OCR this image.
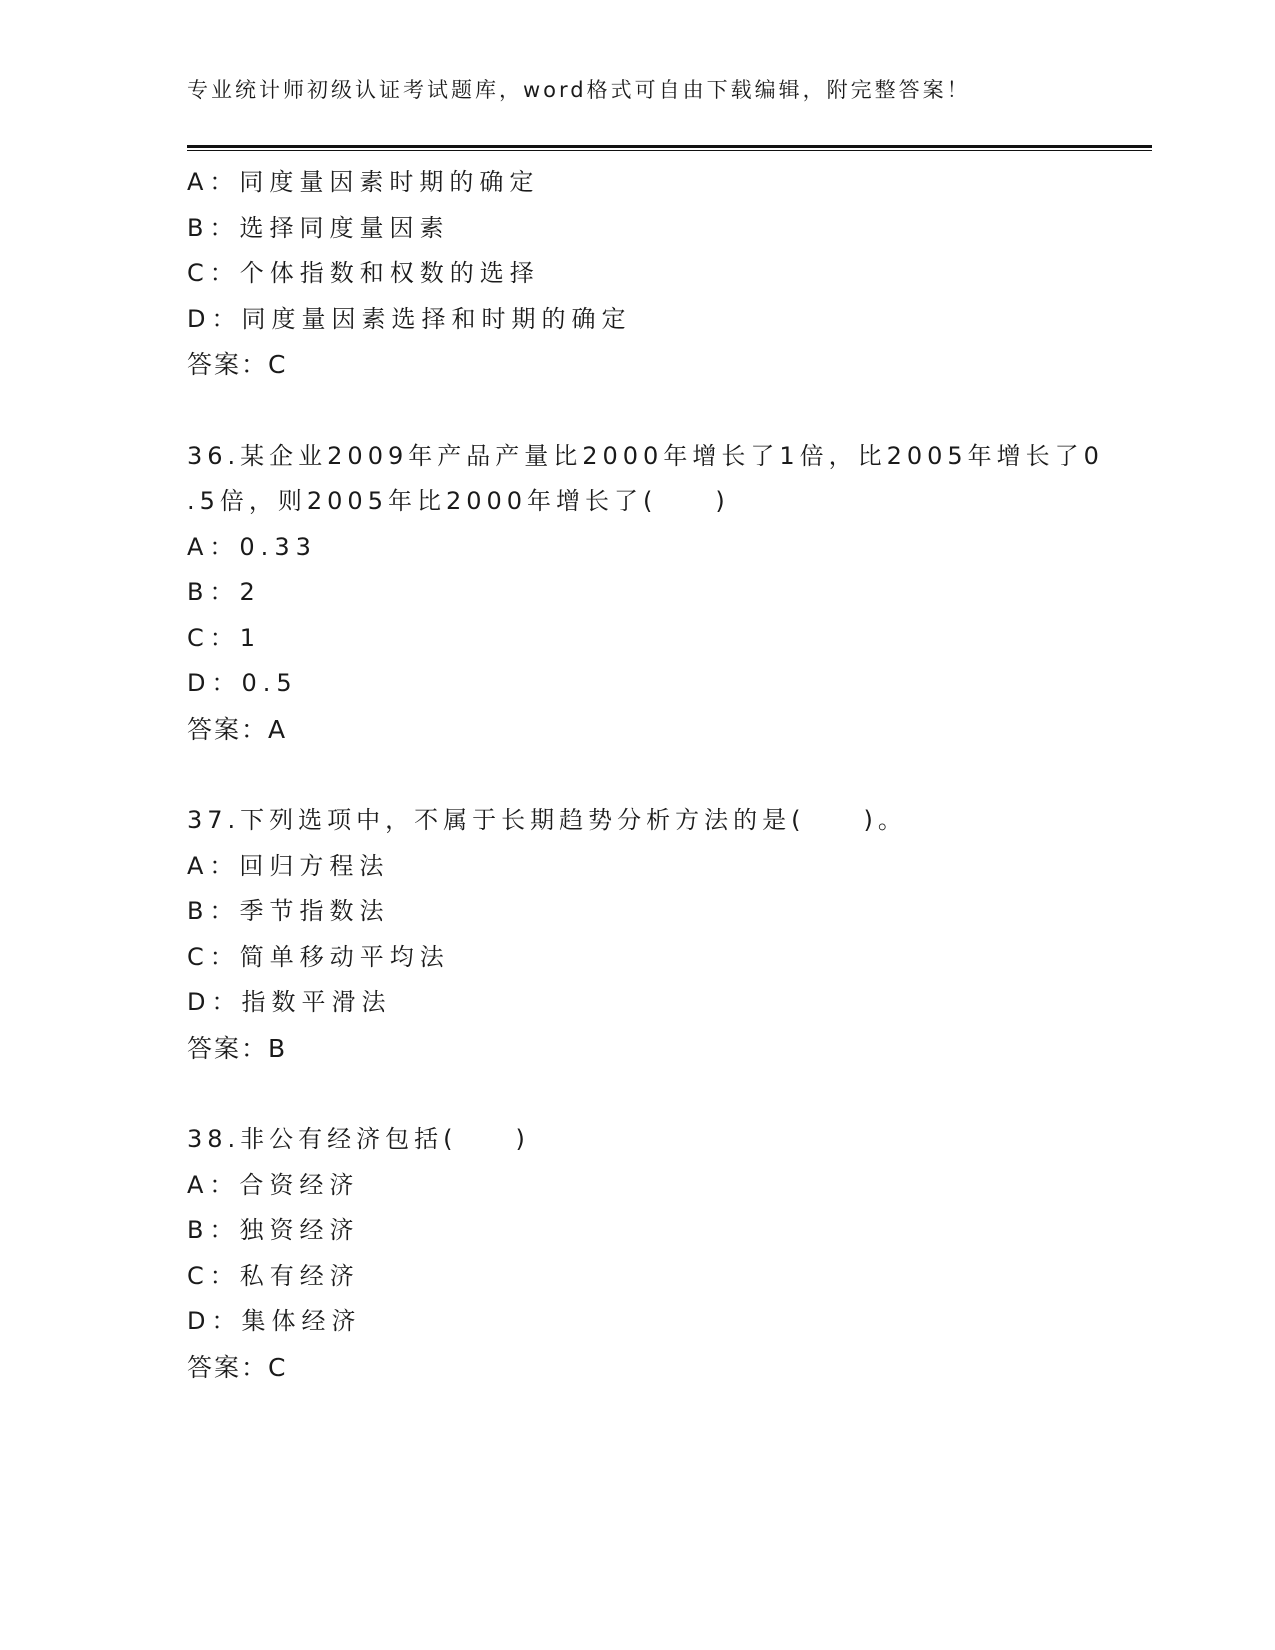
专业统计师初级认证考试题库，word格式可自由下载编辑，附完整答案！
A：同度量因素时期的确定
B：选择同度量因素
C：个体指数和权数的选择
D：同度量因素选择和时期的确定
答案：C
36.某企业2009年产品产量比2000年增长了1倍，比2005年增长了0
.5倍，则2005年比2000年增长了(　　)
A：0.33
B：2
C：1
D：0.5
答案：A
37.下列选项中，不属于长期趋势分析方法的是(　　)。
A：回归方程法
B：季节指数法
C：简单移动平均法
D：指数平滑法
答案：B
38.非公有经济包括(　　)
A：合资经济
B：独资经济
C：私有经济
D：集体经济
答案：C
